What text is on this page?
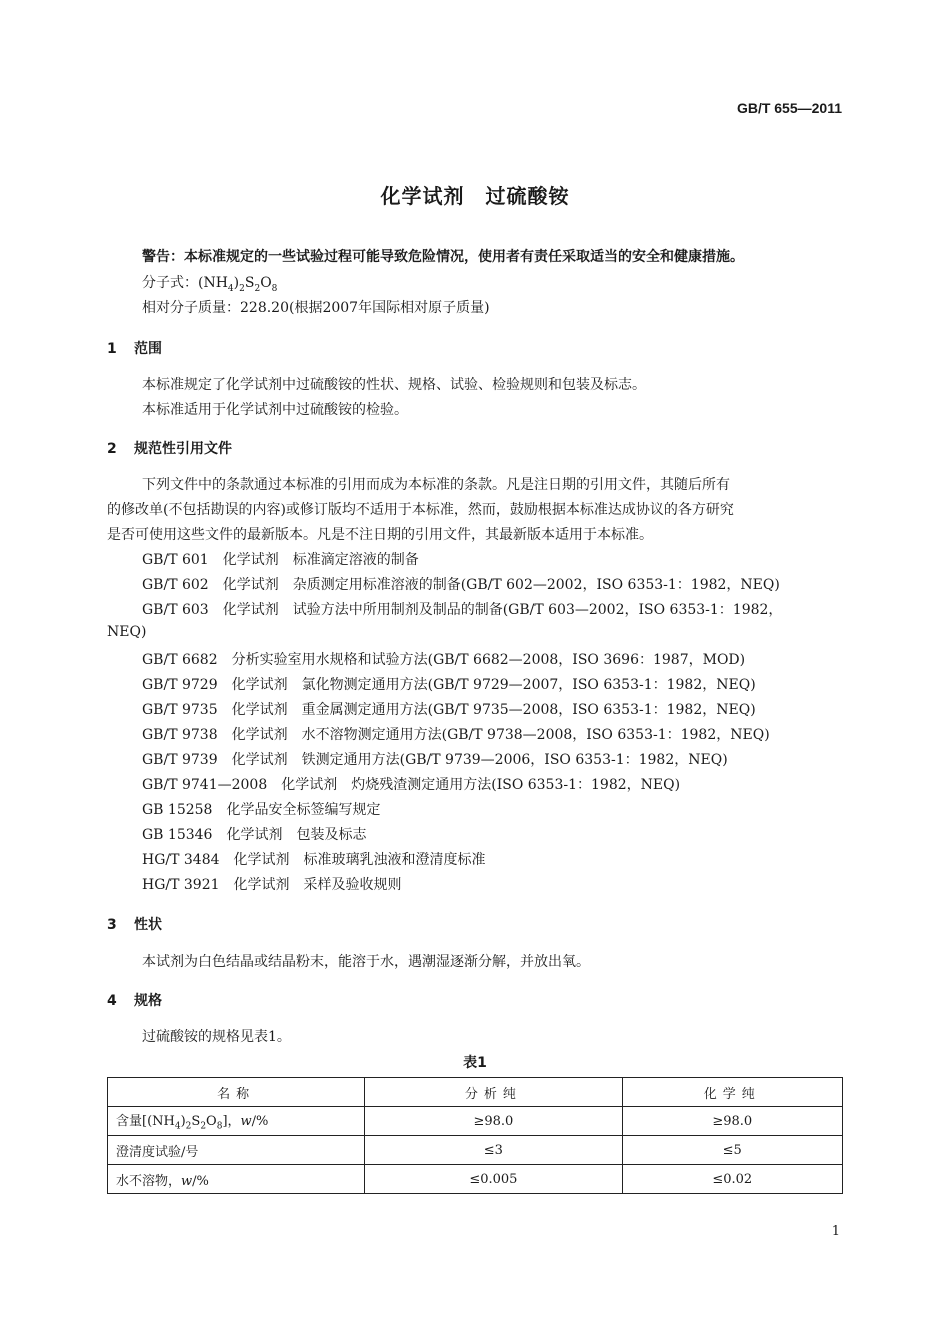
GB/T 655—2011
化学试剂　过硫酸铵
警告：本标准规定的一些试验过程可能导致危险情况，使用者有责任采取适当的安全和健康措施。
分子式：$(NH_4)_2S_2O_8$
相对分子质量：228.20(根据2007年国际相对原子质量)
1 范围
本标准规定了化学试剂中过硫酸铵的性状、规格、试验、检验规则和包装及标志。
本标准适用于化学试剂中过硫酸铵的检验。
2 规范性引用文件
下列文件中的条款通过本标准的引用而成为本标准的条款。凡是注日期的引用文件，其随后所有
的修改单(不包括勘误的内容)或修订版均不适用于本标准，然而，鼓励根据本标准达成协议的各方研究
是否可使用这些文件的最新版本。凡是不注日期的引用文件，其最新版本适用于本标准。
GB/T 601 化学试剂 标准滴定溶液的制备
GB/T 602 化学试剂 杂质测定用标准溶液的制备(GB/T 602—2002，ISO 6353-1：1982，NEQ)
GB/T 603 化学试剂 试验方法中所用制剂及制品的制备(GB/T 603—2002，ISO 6353-1：1982，
NEQ)
GB/T 6682 分析实验室用水规格和试验方法(GB/T 6682—2008，ISO 3696：1987，MOD)
GB/T 9729 化学试剂 氯化物测定通用方法(GB/T 9729—2007，ISO 6353-1：1982，NEQ)
GB/T 9735 化学试剂 重金属测定通用方法(GB/T 9735—2008，ISO 6353-1：1982，NEQ)
GB/T 9738 化学试剂 水不溶物测定通用方法(GB/T 9738—2008，ISO 6353-1：1982，NEQ)
GB/T 9739 化学试剂 铁测定通用方法(GB/T 9739—2006，ISO 6353-1：1982，NEQ)
GB/T 9741—2008 化学试剂 灼烧残渣测定通用方法(ISO 6353-1：1982，NEQ)
GB 15258 化学品安全标签编写规定
GB 15346 化学试剂 包装及标志
HG/T 3484 化学试剂 标准玻璃乳浊液和澄清度标准
HG/T 3921 化学试剂 采样及验收规则
3 性状
本试剂为白色结晶或结晶粉末，能溶于水，遇潮湿逐渐分解，并放出氧。
4 规格
过硫酸铵的规格见表1。
表1
名称	分析纯	化学纯
含量$[(NH_4)_2S_2O_8]$，w/%	≥98.0	≥98.0
澄清度试验/号	≤3	≤5
水不溶物，w/%	≤0.005	≤0.02
1
